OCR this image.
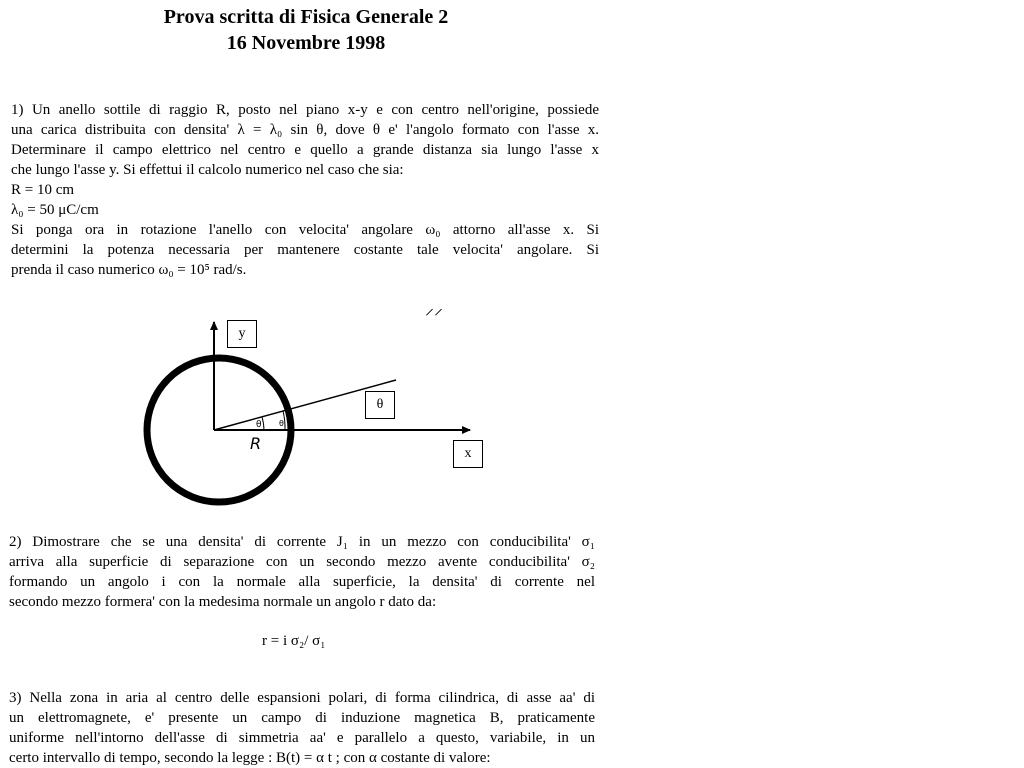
Prova scritta di Fisica Generale 2
16 Novembre 1998
1) Un anello sottile di raggio R, posto nel piano x-y e con centro nell'origine, possiede
una carica distribuita con densita' λ = λ₀ sin θ, dove θ e' l'angolo formato con l'asse x.
Determinare il campo elettrico nel centro e quello a grande distanza sia lungo l'asse x
che lungo l'asse y. Si effettui il calcolo numerico nel caso che sia:
R = 10 cm
λ₀ = 50 μC/cm
Si ponga ora in rotazione l'anello con velocita' angolare ω₀ attorno all'asse x. Si
determini la potenza necessaria per mantenere costante tale velocita' angolare. Si
prenda il caso numerico ω₀ = 10⁵ rad/s.
⸝⸝
θ θ
y
θ
x
R
2) Dimostrare che se una densita' di corrente J₁ in un mezzo con conducibilita' σ₁
arriva alla superficie di separazione con un secondo mezzo avente conducibilita' σ₂
formando un angolo i con la normale alla superficie, la densita' di corrente nel
secondo mezzo formera' con la medesima normale un angolo r dato da:
r = i σ₂/ σ₁
3) Nella zona in aria al centro delle espansioni polari, di forma cilindrica, di asse aa' di
un elettromagnete, e' presente un campo di induzione magnetica B, praticamente
uniforme nell'intorno dell'asse di simmetria aa' e parallelo a questo, variabile, in un
certo intervallo di tempo, secondo la legge : B(t) = α t ; con α costante di valore:
